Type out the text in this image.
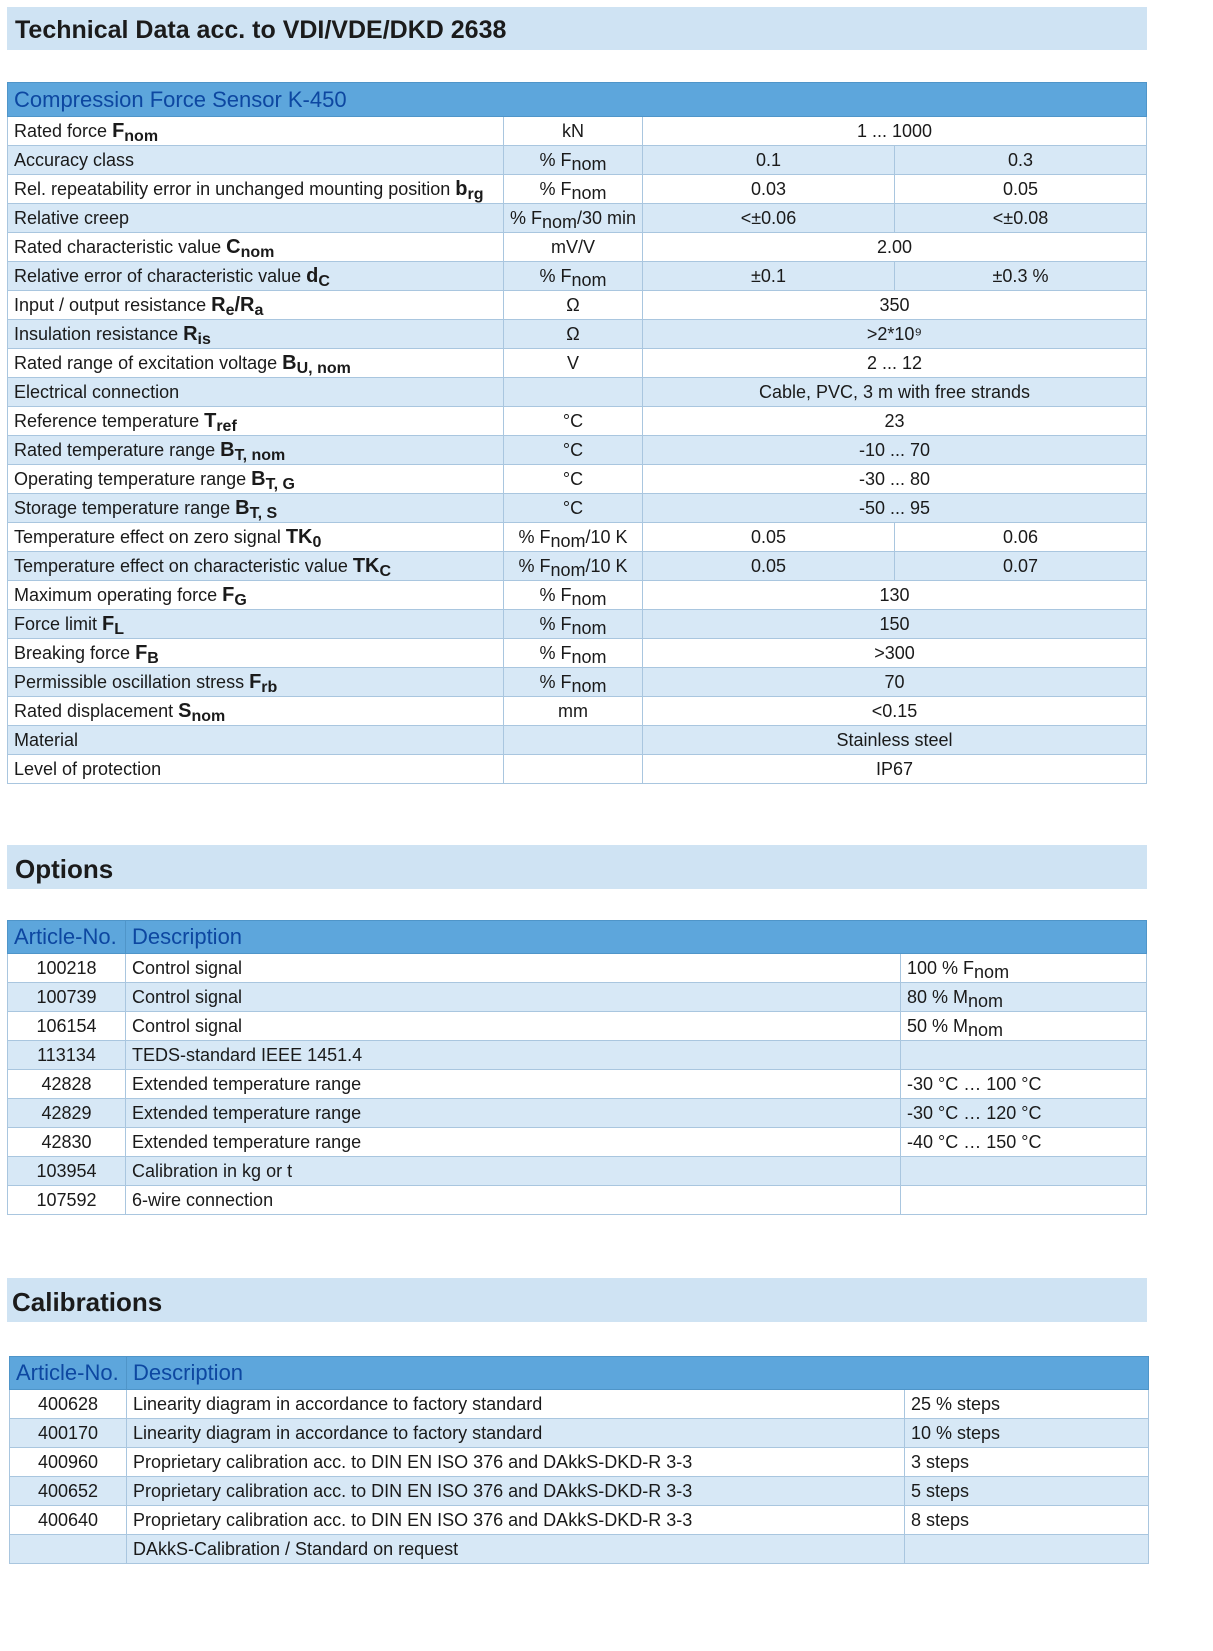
Technical Data acc. to VDI/VDE/DKD 2638
Compression Force Sensor K-450			
Rated force $F_{nom}$	kN	1 ... 1000	
Accuracy class	% $F_{nom}$	0.1	0.3
Rel. repeatability error in unchanged mounting position $b_{rg}$	% $F_{nom}$	0.03	0.05
Relative creep	% $F_{nom}/30$ min	<±0.06	<±0.08
Rated characteristic value $C_{nom}$	mV/V	2.00	
Relative error of characteristic value $d_C$	% $F_{nom}$	±0.1	±0.3 %
Input / output resistance $R_e/R_a$	Ω	350	
Insulation resistance $R_{is}$	Ω	>2*10⁹	
Rated range of excitation voltage $B_{U, nom}$	V	2 ... 12	
Electrical connection		Cable, PVC, 3 m with free strands	
Reference temperature $T_{ref}$	°C	23	
Rated temperature range $B_{T, nom}$	°C	-10 ... 70	
Operating temperature range $B_{T, G}$	°C	-30 ... 80	
Storage temperature range $B_{T, S}$	°C	-50 ... 95	
Temperature effect on zero signal $TK_0$	% $F_{nom}/10$ K	0.05	0.06
Temperature effect on characteristic value $TK_C$	% $F_{nom}/10$ K	0.05	0.07
Maximum operating force $F_G$	% $F_{nom}$	130	
Force limit $F_L$	% $F_{nom}$	150	
Breaking force $F_B$	% $F_{nom}$	>300	
Permissible oscillation stress $F_{rb}$	% $F_{nom}$	70	
Rated displacement $S_{nom}$	mm	<0.15	
Material		Stainless steel	
Level of protection		IP67	
Options
Article-No.	Description	
100218	Control signal	100 % $F_{nom}$
100739	Control signal	80 % $M_{nom}$
106154	Control signal	50 % $M_{nom}$
113134	TEDS-standard IEEE 1451.4	
42828	Extended temperature range	-30 °C … 100 °C
42829	Extended temperature range	-30 °C … 120 °C
42830	Extended temperature range	-40 °C … 150 °C
103954	Calibration in kg or t	
107592	6-wire connection	
Calibrations
Article-No.	Description	
400628	Linearity diagram in accordance to factory standard	25 % steps
400170	Linearity diagram in accordance to factory standard	10 % steps
400960	Proprietary calibration acc. to DIN EN ISO 376 and DAkkS-DKD-R 3-3	3 steps
400652	Proprietary calibration acc. to DIN EN ISO 376 and DAkkS-DKD-R 3-3	5 steps
400640	Proprietary calibration acc. to DIN EN ISO 376 and DAkkS-DKD-R 3-3	8 steps
	DAkkS-Calibration / Standard on request	
